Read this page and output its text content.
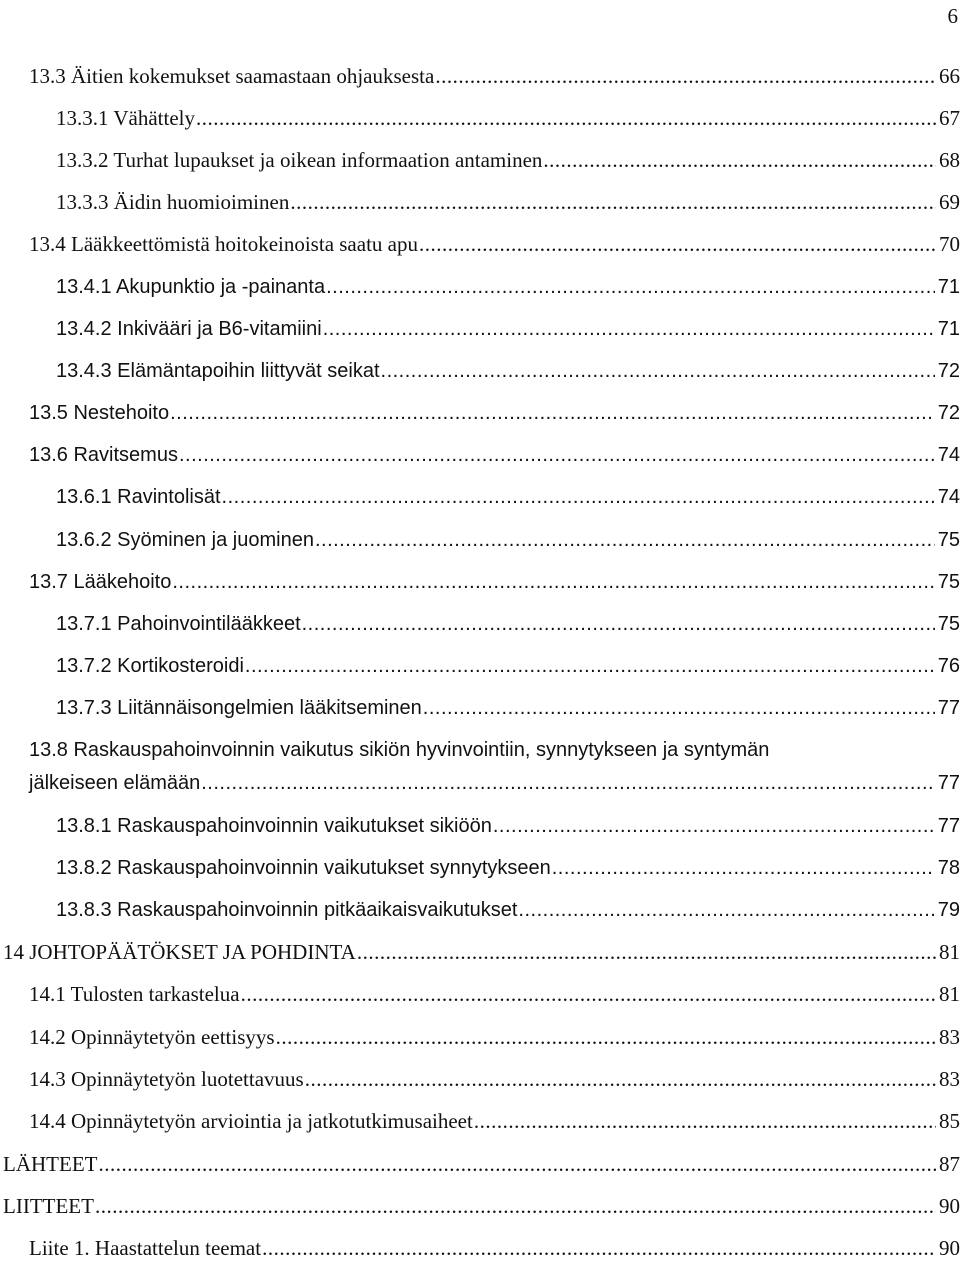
6
13.3 Äitien kokemukset saamastaan ohjauksesta .....	66
13.3.1 Vähättely .....	67
13.3.2 Turhat lupaukset ja oikean informaation antaminen .....	68
13.3.3 Äidin huomioiminen .....	69
13.4 Lääkkeettömistä hoitokeinoista saatu apu .....	70
13.4.1 Akupunktio ja -painanta .....	71
13.4.2 Inkivääri ja B6-vitamiini .....	71
13.4.3 Elämäntapoihin liittyvät seikat .....	72
13.5 Nestehoito .....	72
13.6 Ravitsemus .....	74
13.6.1 Ravintolisät .....	74
13.6.2 Syöminen ja juominen .....	75
13.7 Lääkehoito .....	75
13.7.1 Pahoinvointilääkkeet .....	75
13.7.2 Kortikosteroidi .....	76
13.7.3 Liitännäisongelmien lääkitseminen .....	77
13.8 Raskauspahoinvoinnin vaikutus sikiön hyvinvointiin, synnytykseen ja syntymän
jälkeiseen elämään .....	77
13.8.1 Raskauspahoinvoinnin vaikutukset sikiöön .....	77
13.8.2 Raskauspahoinvoinnin vaikutukset synnytykseen .....	78
13.8.3 Raskauspahoinvoinnin pitkäaikaisvaikutukset .....	79
14 JOHTOPÄÄTÖKSET JA POHDINTA .....	81
14.1 Tulosten tarkastelua .....	81
14.2 Opinnäytetyön eettisyys .....	83
14.3 Opinnäytetyön luotettavuus .....	83
14.4 Opinnäytetyön arviointia ja jatkotutkimusaiheet .....	85
LÄHTEET .....	87
LIITTEET .....	90
Liite 1. Haastattelun teemat .....	90
